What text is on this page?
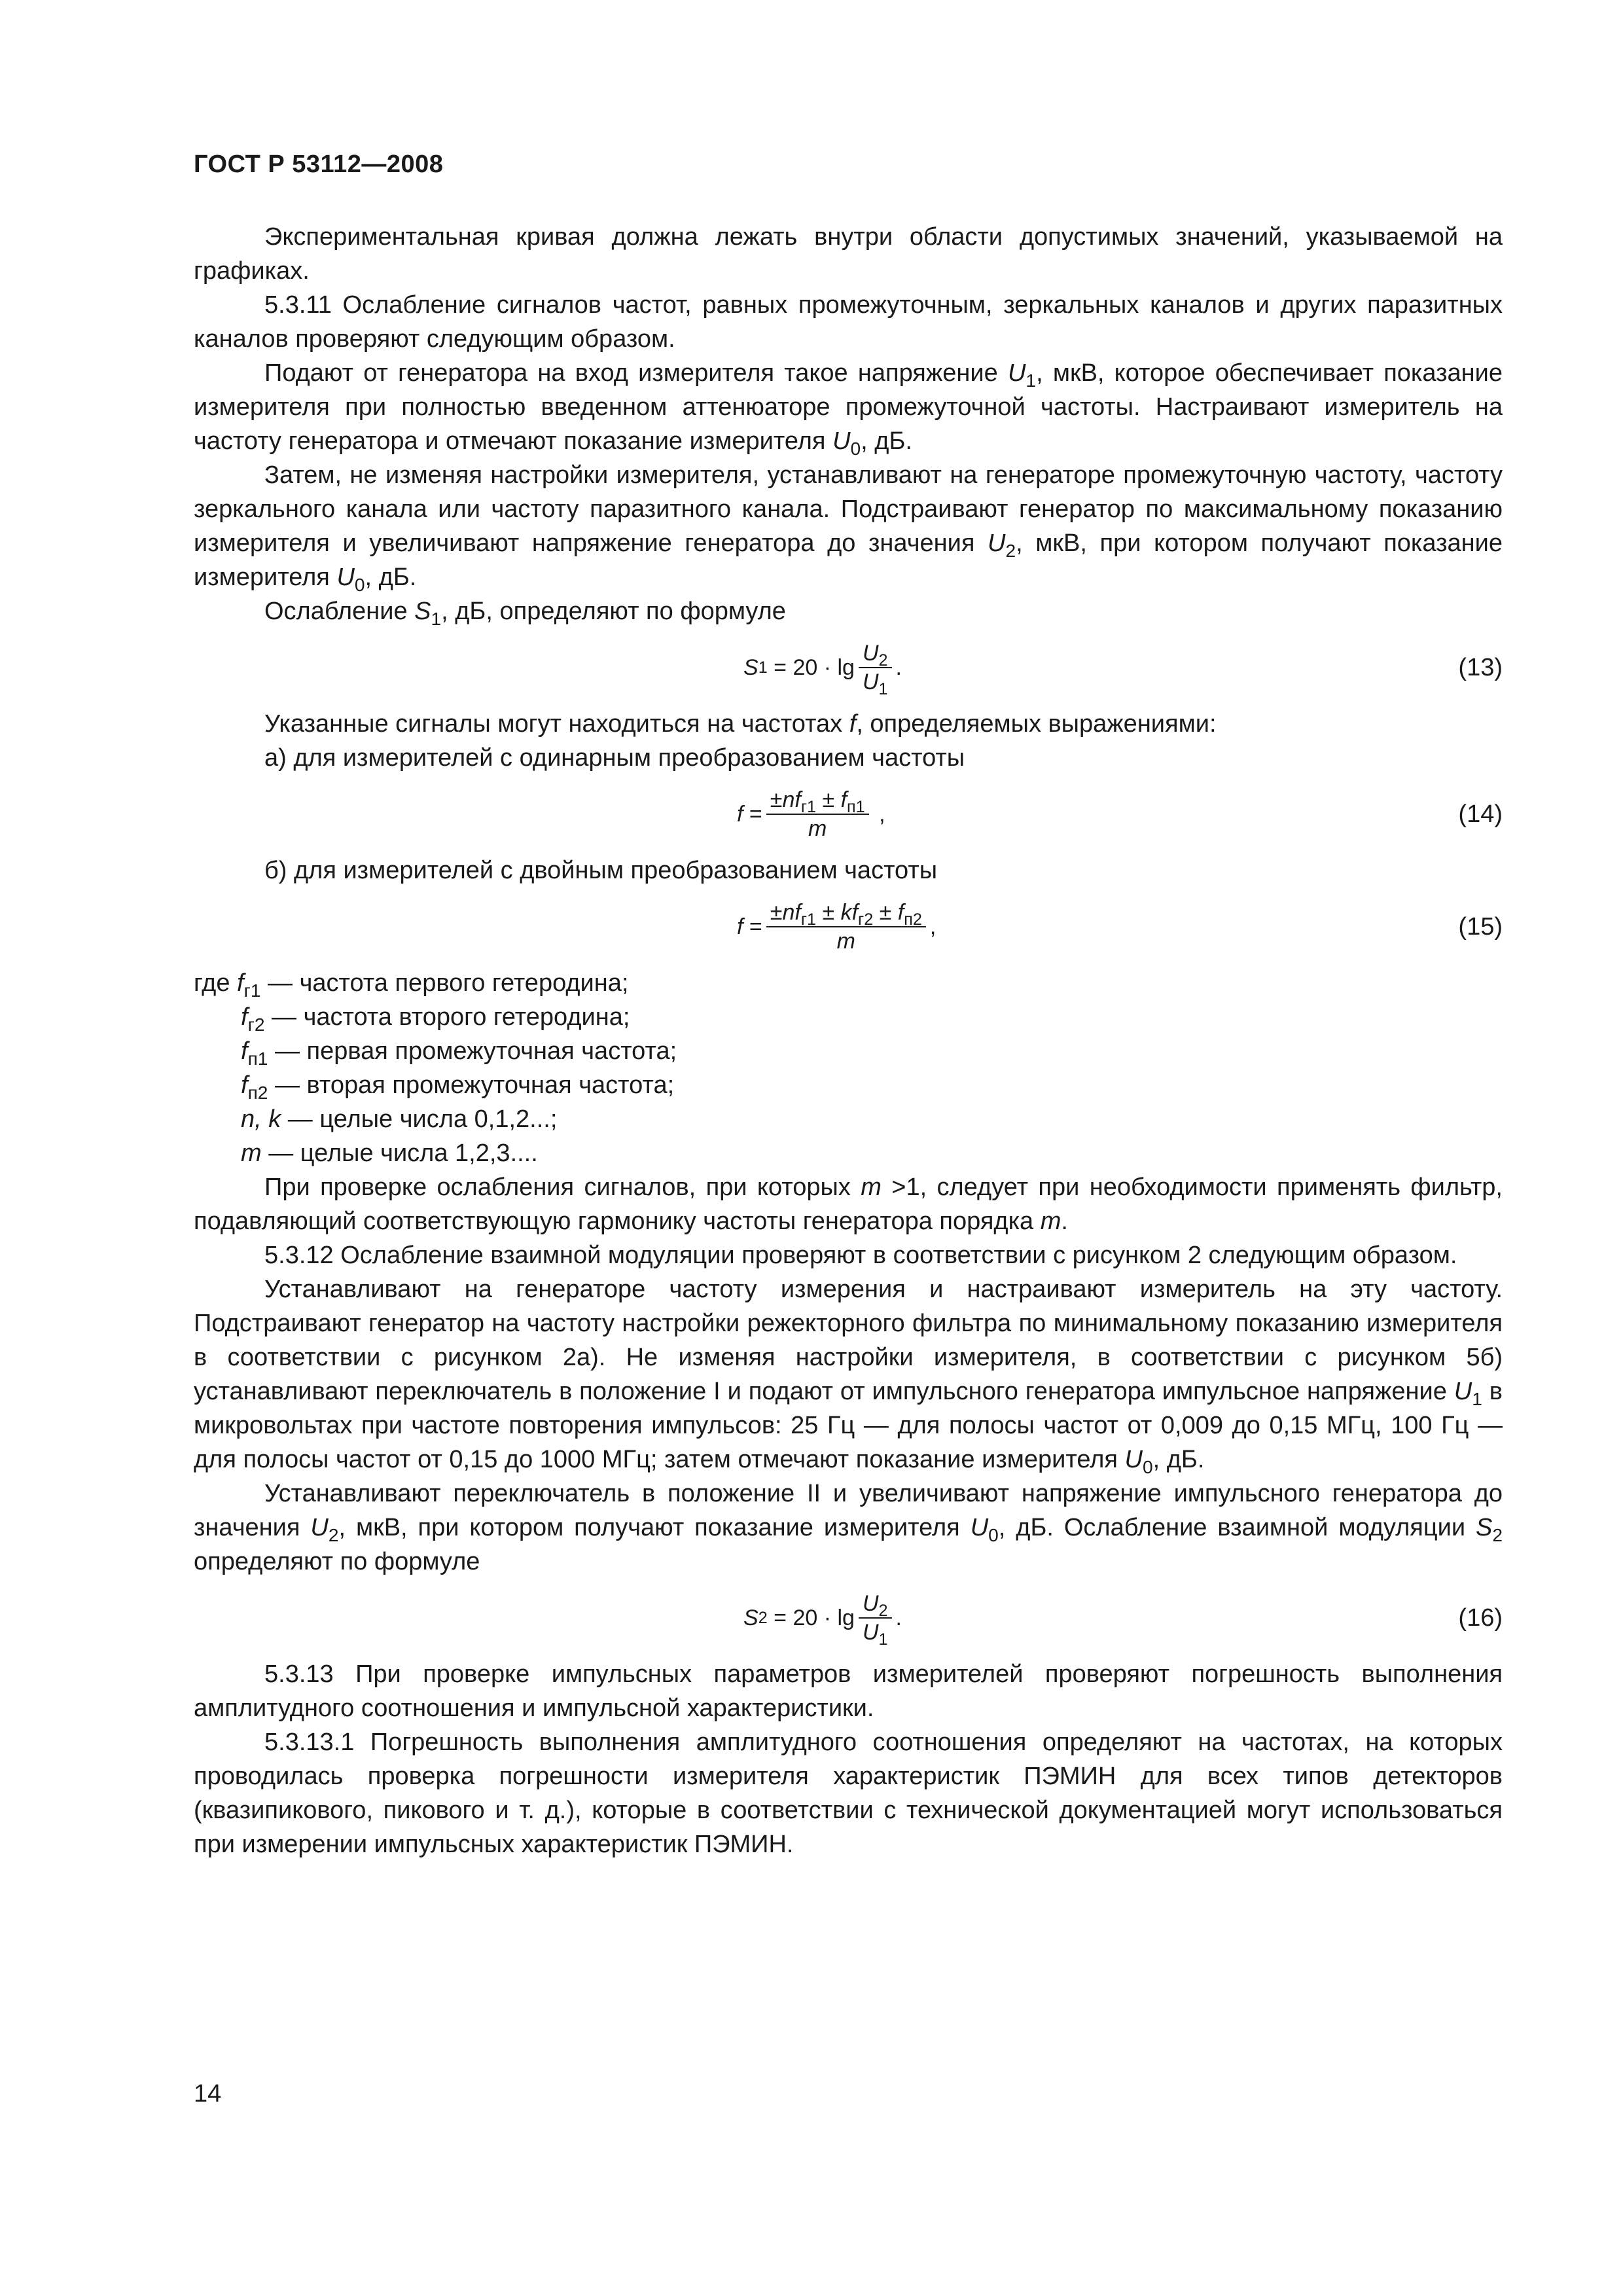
ГОСТ Р 53112—2008

Экспериментальная кривая должна лежать внутри области допустимых значений, указываемой на графиках.

5.3.11 Ослабление сигналов частот, равных промежуточным, зеркальных каналов и других паразитных каналов проверяют следующим образом.

Подают от генератора на вход измерителя такое напряжение $U_1$, мкВ, которое обеспечивает показание измерителя при полностью введенном аттенюаторе промежуточной частоты. Настраивают измеритель на частоту генератора и отмечают показание измерителя $U_0$, дБ.

Затем, не изменяя настройки измерителя, устанавливают на генераторе промежуточную частоту, частоту зеркального канала или частоту паразитного канала. Подстраивают генератор по максимальному показанию измерителя и увеличивают напряжение генератора до значения $U_2$, мкВ, при котором получают показание измерителя $U_0$, дБ.

Ослабление $S_1$, дБ, определяют по формуле

S 1
= $20 \cdot \lg \frac{U_2}{U_1}$ .	(13)

Указанные сигналы могут находиться на частотах f, определяемых выражениями:

а) для измерителей с одинарным преобразованием частоты

f
= $\frac{\pm nf_{г1} \pm f_{п1}}{m}$
,	(14)

б) для измерителей с двойным преобразованием частоты

f
= $\frac{\pm nf_{г1} \pm kf_{г2} \pm f_{п2}}{m}$ ,	(15)
где $f_{г1}$ — частота первого гетеродина;
$f_{г2}$ — частота второго гетеродина;
$f_{п1}$ — первая промежуточная частота;
$f_{п2}$ — вторая промежуточная частота;
n, k — целые числа 0,1,2...;
m — целые числа 1,2,3....

При проверке ослабления сигналов, при которых m >1, следует при необходимости применять фильтр, подавляющий соответствующую гармонику частоты генератора порядка m.

5.3.12 Ослабление взаимной модуляции проверяют в соответствии с рисунком 2 следующим образом.

Устанавливают на генераторе частоту измерения и настраивают измеритель на эту частоту. Подстраивают генератор на частоту настройки режекторного фильтра по минимальному показанию измерителя в соответствии с рисунком 2а). Не изменяя настройки измерителя, в соответствии с рисунком 5б) устанавливают переключатель в положение I и подают от импульсного генератора импульсное напряжение $U_1$ в микровольтах при частоте повторения импульсов: 25 Гц — для полосы частот от 0,009 до 0,15 МГц, 100 Гц — для полосы частот от 0,15 до 1000 МГц; затем отмечают показание измерителя $U_0$, дБ.

Устанавливают переключатель в положение II и увеличивают напряжение импульсного генератора до значения $U_2$, мкВ, при котором получают показание измерителя $U_0$, дБ. Ослабление взаимной модуляции $S_2$ определяют по формуле

S 2
= $20 \cdot \lg \frac{U_2}{U_1}$ .	(16)

5.3.13 При проверке импульсных параметров измерителей проверяют погрешность выполнения амплитудного соотношения и импульсной характеристики.

5.3.13.1 Погрешность выполнения амплитудного соотношения определяют на частотах, на которых проводилась проверка погрешности измерителя характеристик ПЭМИН для всех типов детекторов (квазипикового, пикового и т. д.), которые в соответствии с технической документацией могут использоваться при измерении импульсных характеристик ПЭМИН.

14
